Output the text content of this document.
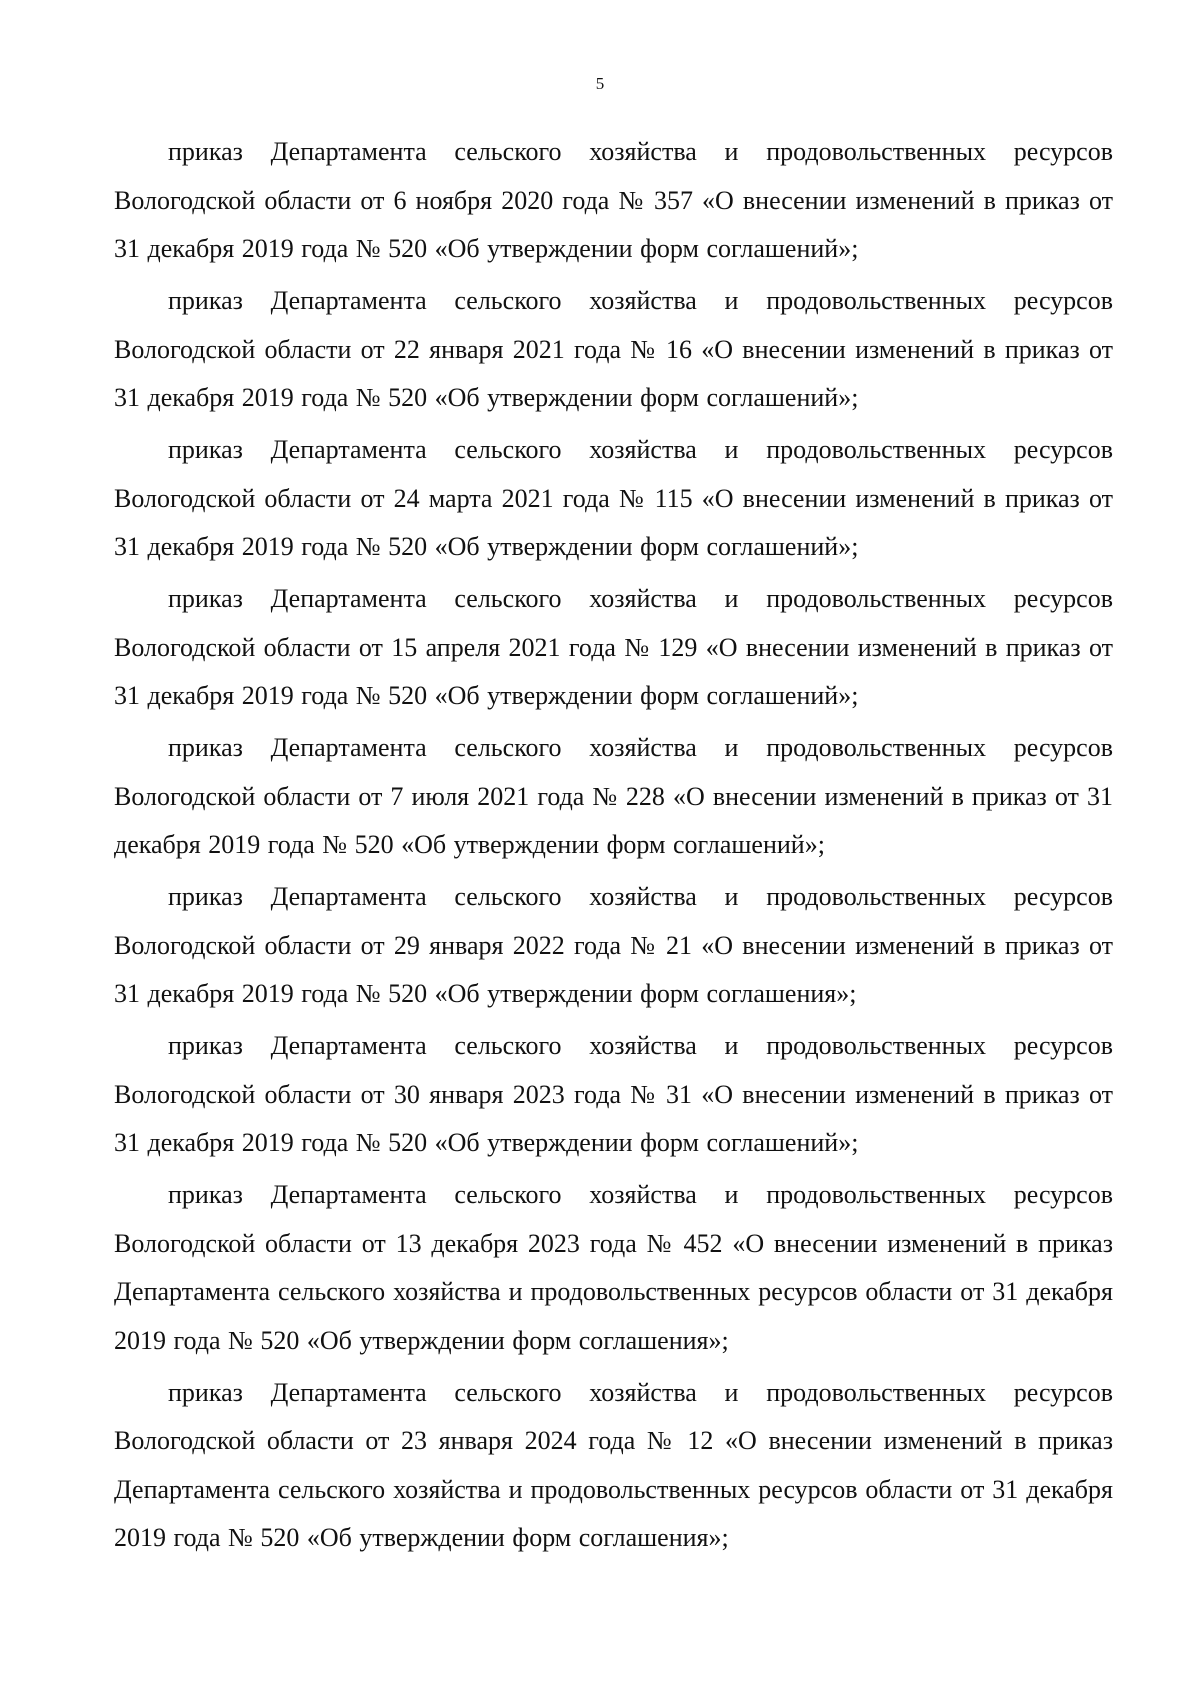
5

приказ Департамента сельского хозяйства и продовольственных ресурсов Вологодской области от 6 ноября 2020 года № 357 «О внесении изменений в приказ от 31 декабря 2019 года № 520 «Об утверждении форм соглашений»;

приказ Департамента сельского хозяйства и продовольственных ресурсов Вологодской области от 22 января 2021 года № 16 «О внесении изменений в приказ от 31 декабря 2019 года № 520 «Об утверждении форм соглашений»;

приказ Департамента сельского хозяйства и продовольственных ресурсов Вологодской области от 24 марта 2021 года № 115 «О внесении изменений в приказ от 31 декабря 2019 года № 520 «Об утверждении форм соглашений»;

приказ Департамента сельского хозяйства и продовольственных ресурсов Вологодской области от 15 апреля 2021 года № 129 «О внесении изменений в приказ от 31 декабря 2019 года № 520 «Об утверждении форм соглашений»;

приказ Департамента сельского хозяйства и продовольственных ресурсов Вологодской области от 7 июля 2021 года № 228 «О внесении изменений в приказ от 31 декабря 2019 года № 520 «Об утверждении форм соглашений»;

приказ Департамента сельского хозяйства и продовольственных ресурсов Вологодской области от 29 января 2022 года № 21 «О внесении изменений в приказ от 31 декабря 2019 года № 520 «Об утверждении форм соглашения»;

приказ Департамента сельского хозяйства и продовольственных ресурсов Вологодской области от 30 января 2023 года № 31 «О внесении изменений в приказ от 31 декабря 2019 года № 520 «Об утверждении форм соглашений»;

приказ Департамента сельского хозяйства и продовольственных ресурсов Вологодской области от 13 декабря 2023 года № 452 «О внесении изменений в приказ Департамента сельского хозяйства и продовольственных ресурсов области от 31 декабря 2019 года № 520 «Об утверждении форм соглашения»;

приказ Департамента сельского хозяйства и продовольственных ресурсов Вологодской области от 23 января 2024 года № 12 «О внесении изменений в приказ Департамента сельского хозяйства и продовольственных ресурсов области от 31 декабря 2019 года № 520 «Об утверждении форм соглашения»;
